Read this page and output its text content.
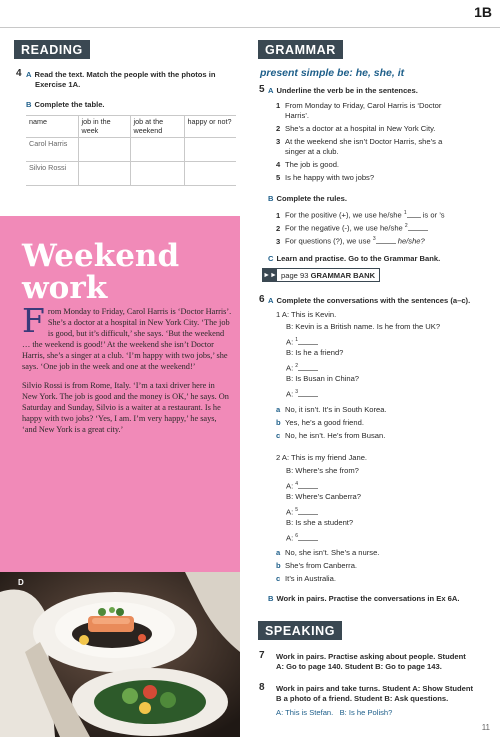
1B
READING
4 A Read the text. Match the people with the photos in
Exercise 1A.
B Complete the table.
name	job in the week	job at the weekend	happy or not?
Carol Harris			
Silvio Rossi			
Weekend
work

From Monday to Friday, Carol Harris is ‘Doctor Harris’. She’s a doctor at a hospital in New York City. ‘The job is good, but it’s difficult,’ she says. ‘But the weekend … the weekend is good!’ At the weekend she isn’t Doctor Harris, she’s a singer at a club. ‘I’m happy with two jobs,’ she says. ‘One job in the week and one at the weekend!’

Silvio Rossi is from Rome, Italy. ‘I’m a taxi driver here in New York. The job is good and the money is OK,’ he says. On Saturday and Sunday, Silvio is a waiter at a restaurant. Is he happy with two jobs? ‘Yes, I am. I’m very happy,’ he says, ‘and New York is a great city.’

D
GRAMMAR
present simple be: he, she, it
5 A Underline the verb be in the sentences.
1 From Monday to Friday, Carol Harris is ‘Doctor
Harris’.
2 She’s a doctor at a hospital in New York City.
3 At the weekend she isn’t Doctor Harris, she’s a
singer at a club.
4 The job is good.
5 Is he happy with two jobs?
B Complete the rules.
1 For the positive (+), we use he/she $^1$ is or ’s
2 For the negative (-), we use he/she $^2$
3 For questions (?), we use $^3$	he/she?
C Learn and practise. Go to the Grammar Bank.
►► page 93 GRAMMAR BANK
6 A Complete the conversations with the sentences (a–c).
1 A: This is Kevin.
B: Kevin is a British name. Is he from the UK?
A: $^1$
B: Is he a friend?
A: $^2$
B: Is Busan in China?
A: $^3$
a No, it isn’t. It’s in South Korea.
b Yes, he’s a good friend.
c No, he isn’t. He’s from Busan.
2 A: This is my friend Jane.
B: Where’s she from?
A: $^4$
B: Where’s Canberra?
A: $^5$
B: Is she a student?
A: $^6$
a No, she isn’t. She’s a nurse.
b She’s from Canberra.
c It’s in Australia.
B Work in pairs. Practise the conversations in Ex 6A.
SPEAKING
7 Work in pairs. Practise asking about people. Student
A: Go to page 140. Student B: Go to page 143.
8 Work in pairs and take turns. Student A: Show Student
B a photo of a friend. Student B: Ask questions.
A: This is Stefan. B: Is he Polish?
11
